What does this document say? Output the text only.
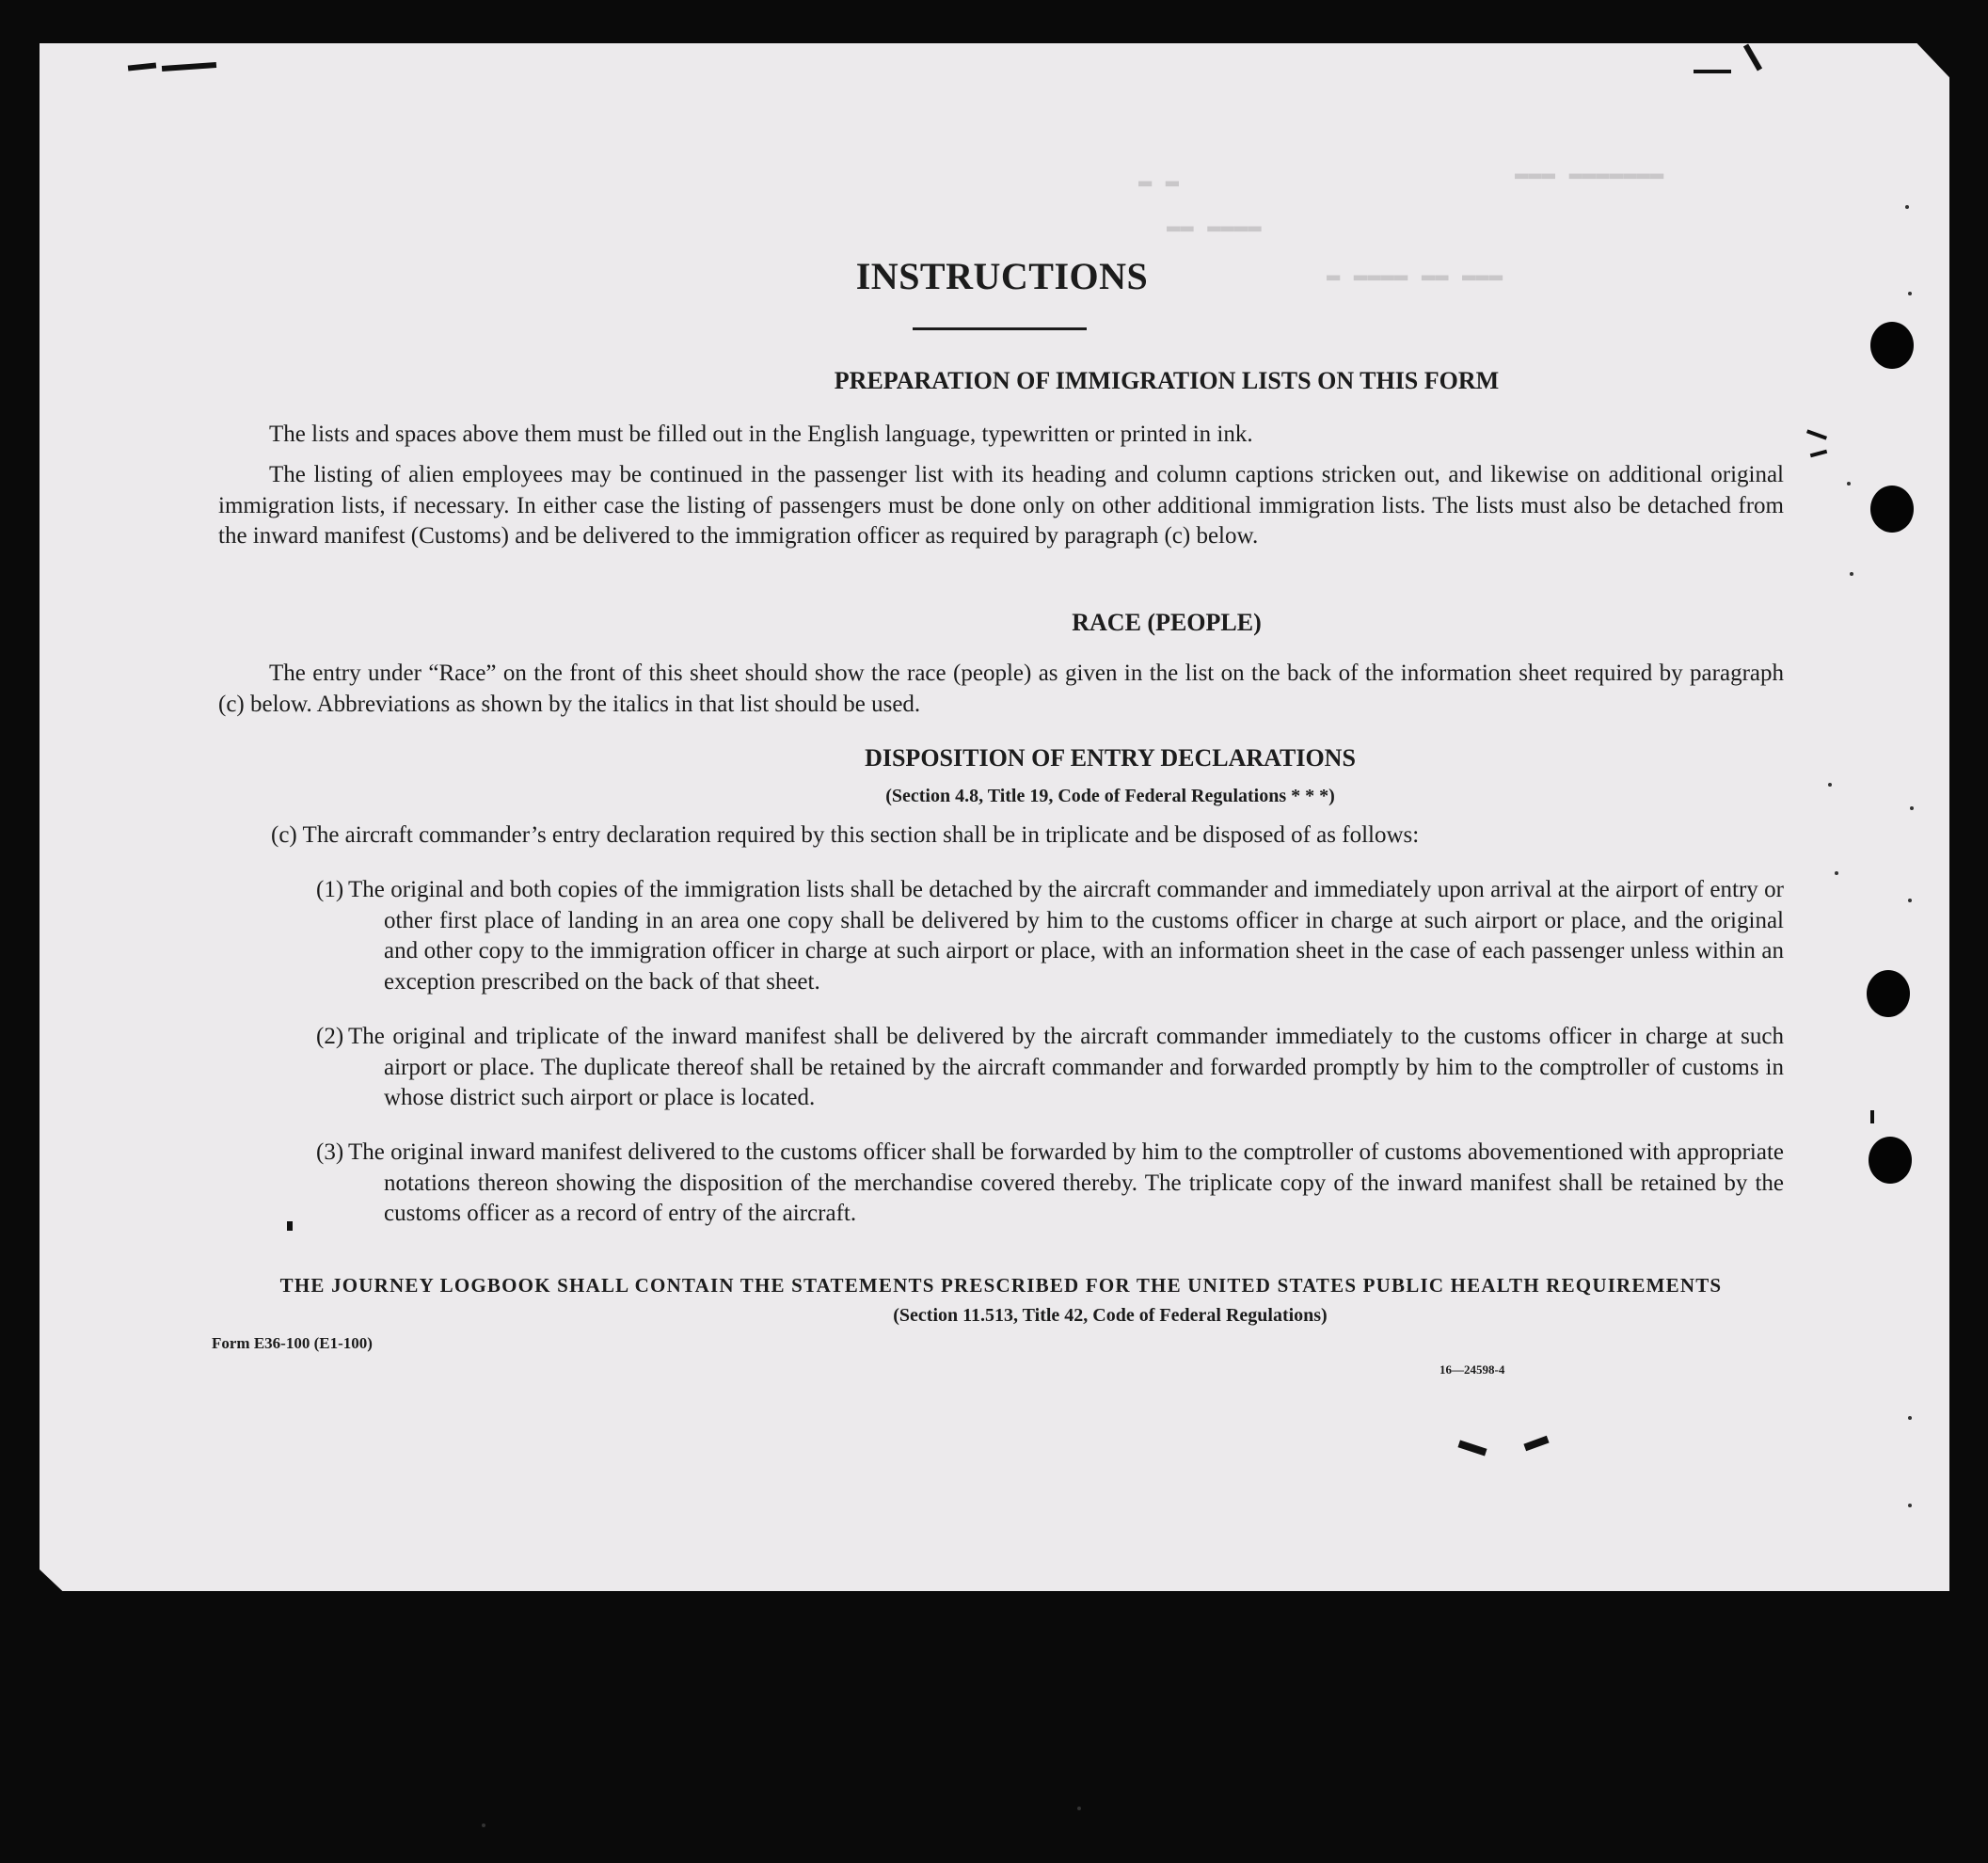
▬▬▬ ▬▬▬▬▬▬▬
▬ ▬
▬▬ ▬▬▬▬
▬ ▬▬▬▬ ▬▬ ▬▬▬
INSTRUCTIONS
PREPARATION OF IMMIGRATION LISTS ON THIS FORM
The lists and spaces above them must be filled out in the English language, typewritten or printed in ink.
The listing of alien employees may be continued in the passenger list with its heading and column captions stricken out, and likewise on additional original immigration lists, if necessary. In either case the listing of passengers must be done only on other additional immigration lists. The lists must also be detached from the inward manifest (Customs) and be delivered to the immigration officer as required by paragraph (c) below.
RACE (PEOPLE)
The entry under “Race” on the front of this sheet should show the race (people) as given in the list on the back of the information sheet required by paragraph (c) below. Abbreviations as shown by the italics in that list should be used.
DISPOSITION OF ENTRY DECLARATIONS
(Section 4.8, Title 19, Code of Federal Regulations * * *)
(c) The aircraft commander’s entry declaration required by this section shall be in triplicate and be disposed of as follows:
(1) The original and both copies of the immigration lists shall be detached by the aircraft commander and immediately upon arrival at the airport of entry or other first place of landing in an area one copy shall be delivered by him to the customs officer in charge at such airport or place, and the original and other copy to the immigration officer in charge at such airport or place, with an information sheet in the case of each passenger unless within an exception prescribed on the back of that sheet.
(2) The original and triplicate of the inward manifest shall be delivered by the aircraft commander immediately to the customs officer in charge at such airport or place. The duplicate thereof shall be retained by the aircraft commander and forwarded promptly by him to the comptroller of customs in whose district such airport or place is located.
(3) The original inward manifest delivered to the customs officer shall be forwarded by him to the comptroller of customs abovementioned with appropriate notations thereon showing the disposition of the merchandise covered thereby. The triplicate copy of the inward manifest shall be retained by the customs officer as a record of entry of the aircraft.
THE JOURNEY LOGBOOK SHALL CONTAIN THE STATEMENTS PRESCRIBED FOR THE UNITED STATES PUBLIC HEALTH REQUIREMENTS
(Section 11.513, Title 42, Code of Federal Regulations)
Form E36-100 (E1-100)
16—24598-4
